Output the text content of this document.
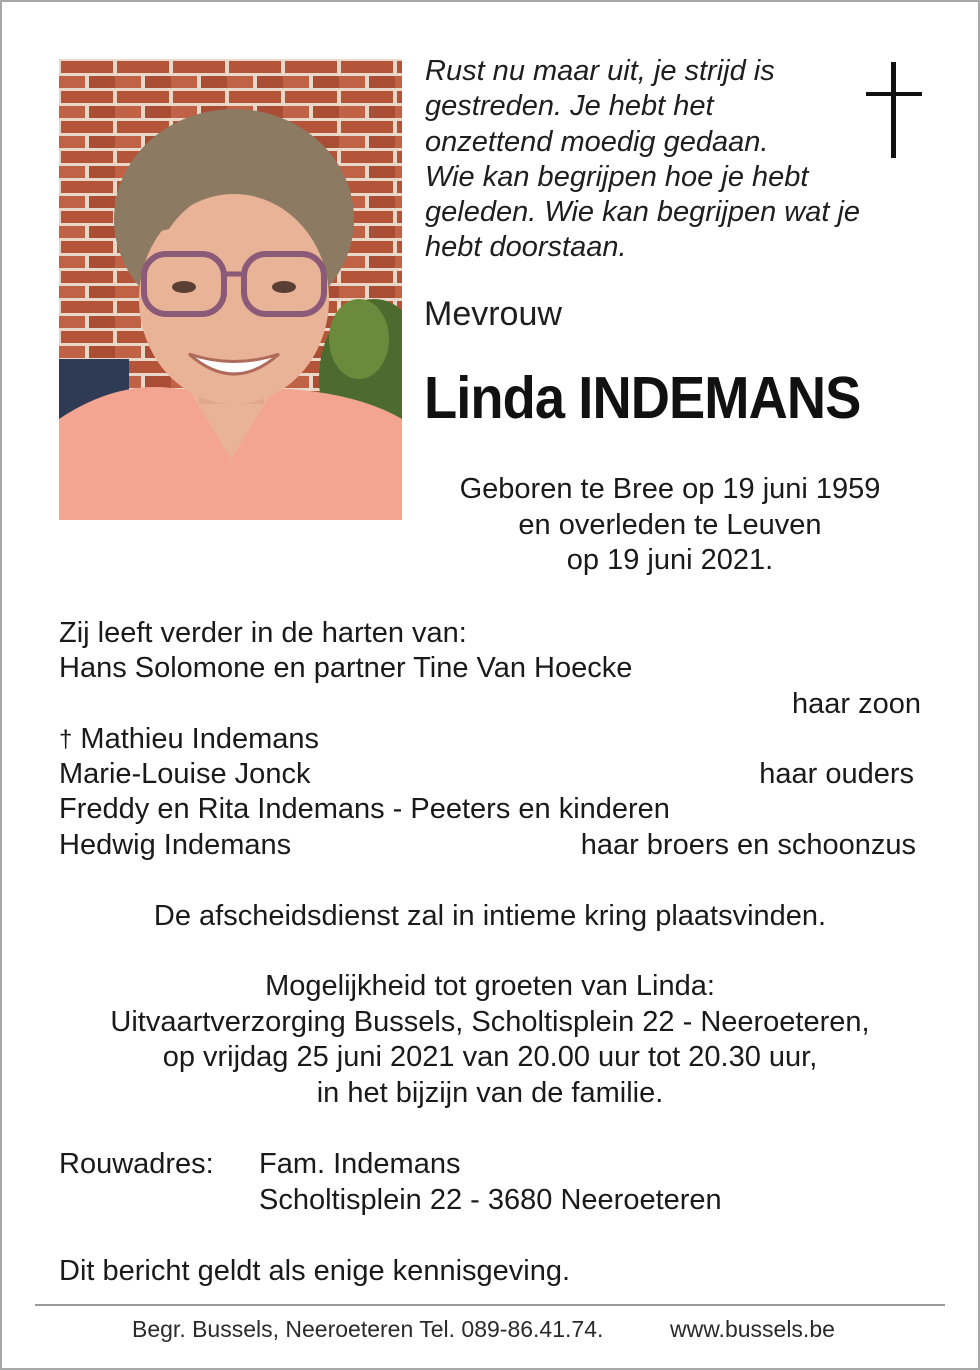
Rust nu maar uit, je strijd is
gestreden. Je hebt het
onzettend moedig gedaan.
Wie kan begrijpen hoe je hebt
geleden. Wie kan begrijpen wat je
hebt doorstaan.
Mevrouw
Linda INDEMANS
Geboren te Bree op 19 juni 1959
en overleden te Leuven
op 19 juni 2021.
Zij leeft verder in de harten van:
Hans Solomone en partner Tine Van Hoecke
haar zoon
† Mathieu Indemans
Marie-Louise Jonck	haar ouders
Freddy en Rita Indemans - Peeters en kinderen
Hedwig Indemans	haar broers en schoonzus
De afscheidsdienst zal in intieme kring plaatsvinden.
Mogelijkheid tot groeten van Linda:
Uitvaartverzorging Bussels, Scholtisplein 22 - Neeroeteren,
op vrijdag 25 juni 2021 van 20.00 uur tot 20.30 uur,
in het bijzijn van de familie.
Rouwadres: Fam. Indemans
Scholtisplein 22 - 3680 Neeroeteren
Dit bericht geldt als enige kennisgeving.
Begr. Bussels, Neeroeteren Tel. 089-86.41.74.	www.bussels.be
